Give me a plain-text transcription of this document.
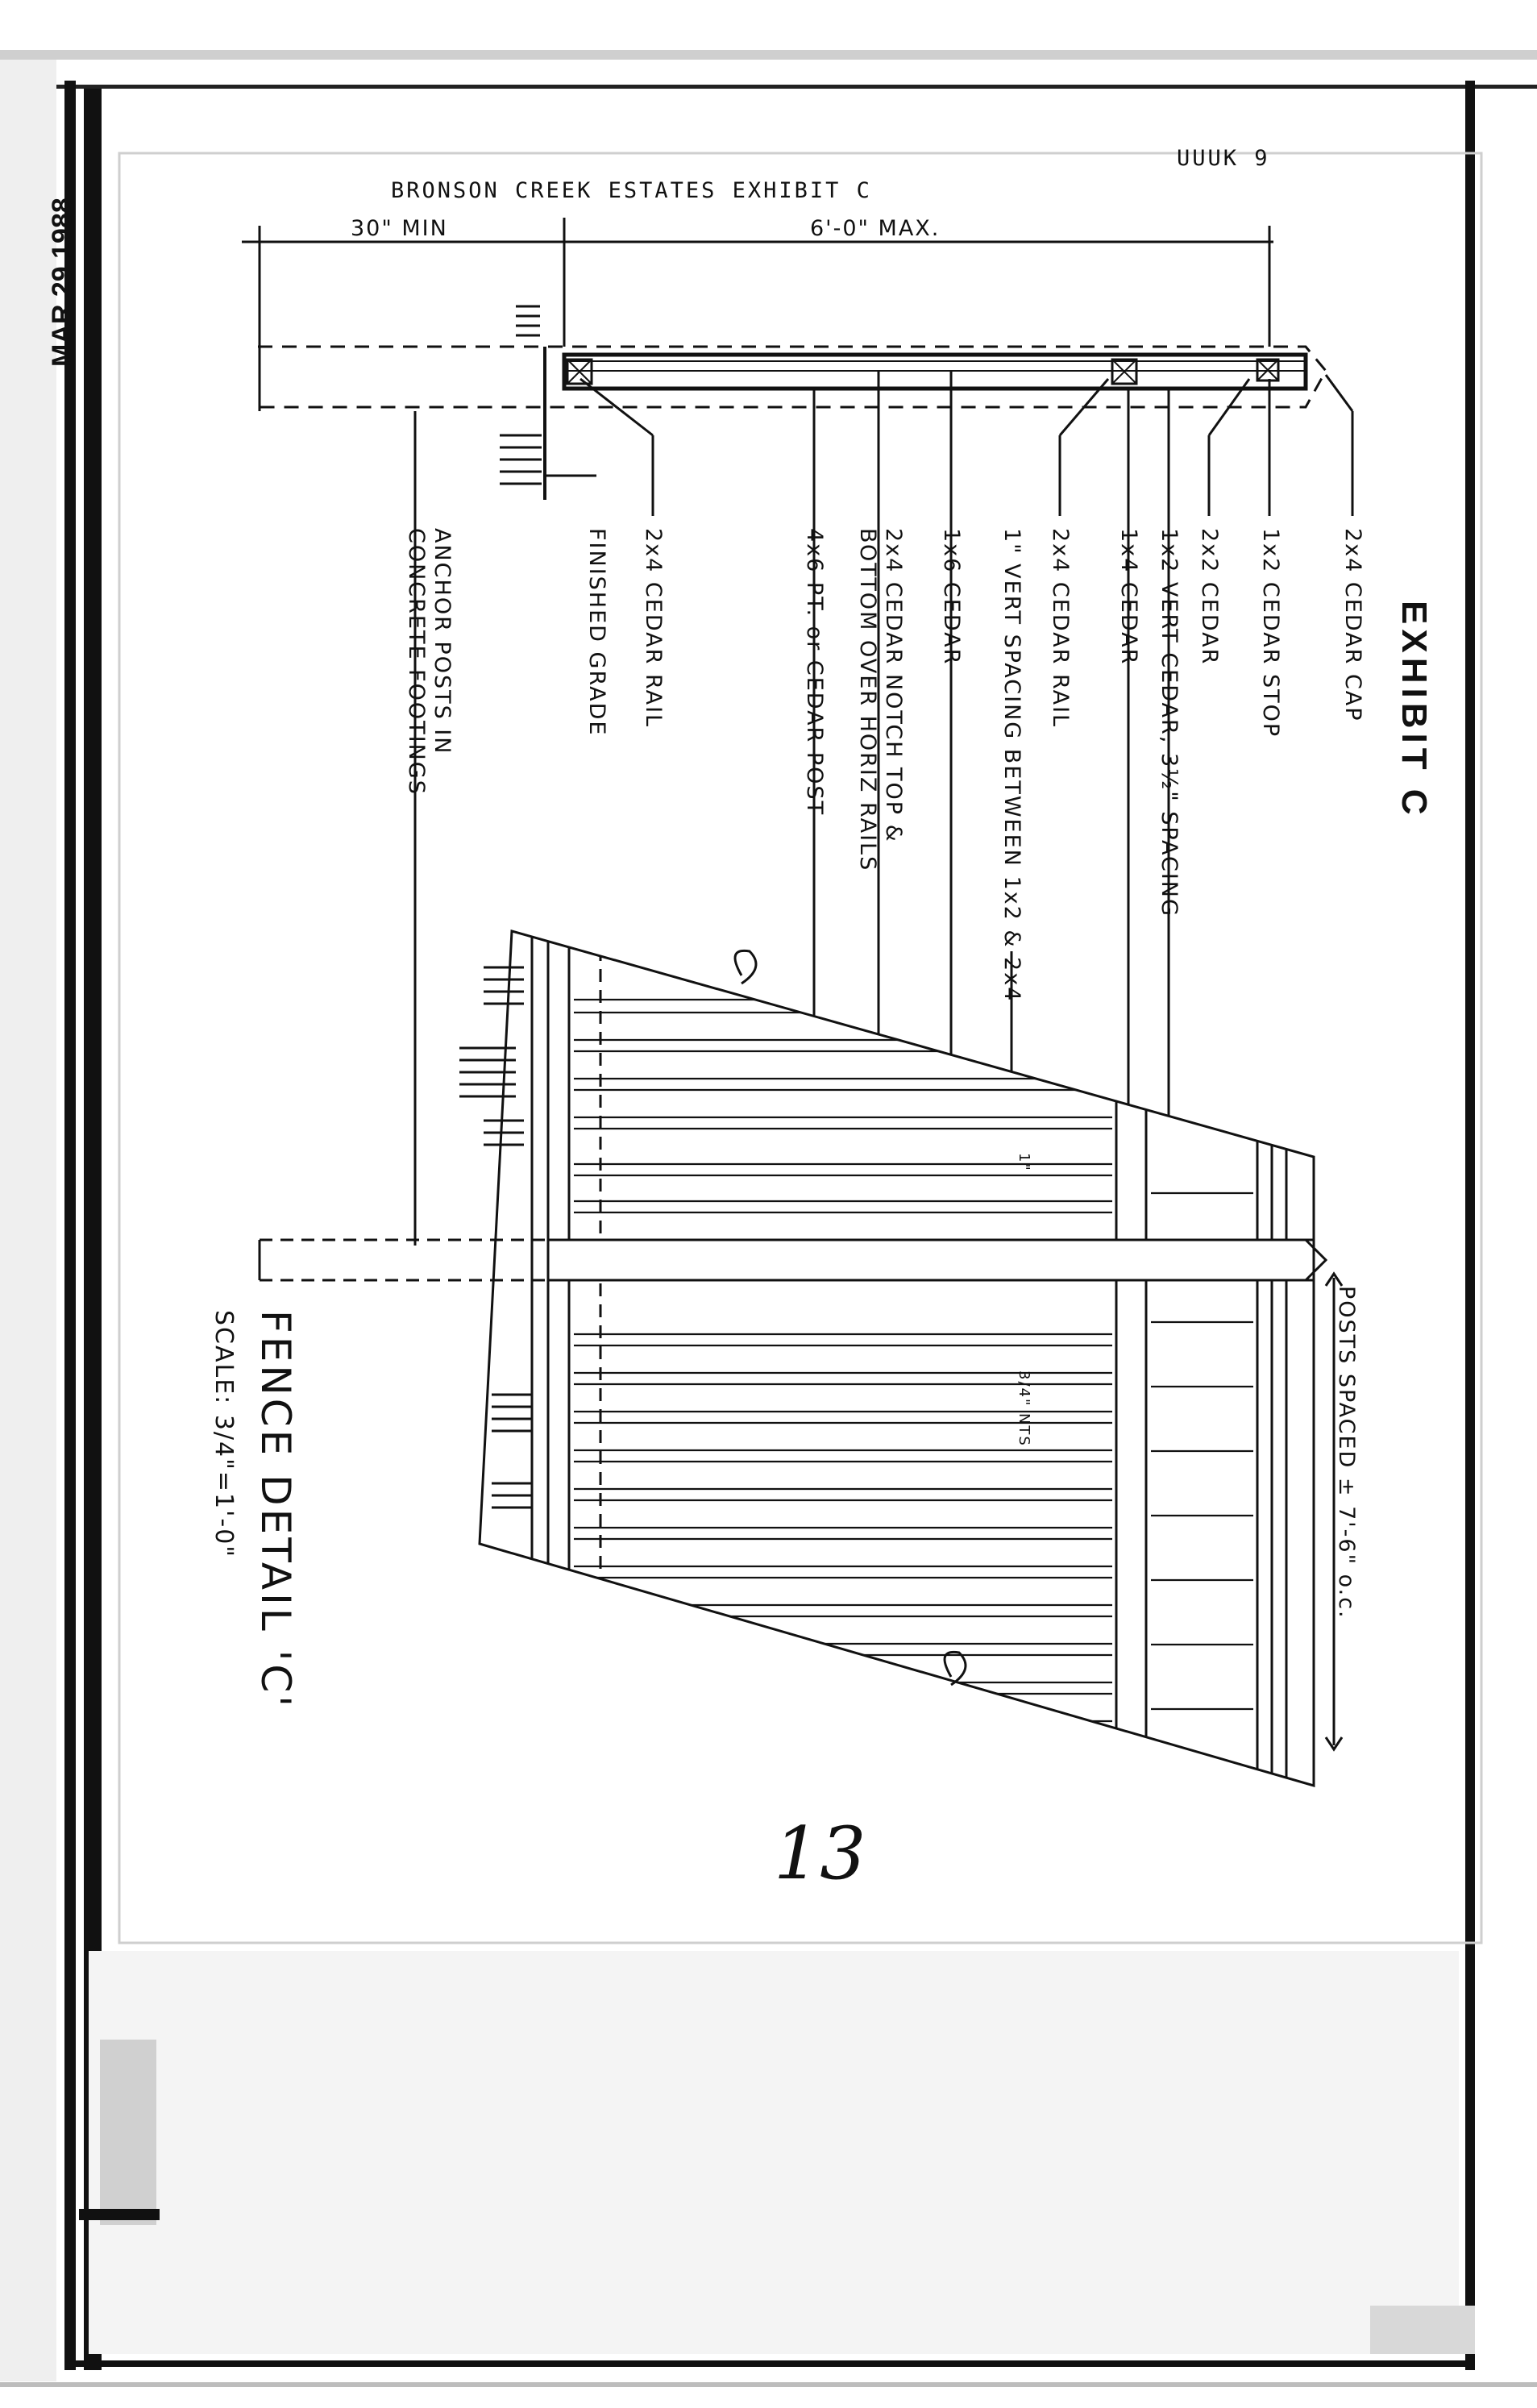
MAR 29 1988
BRONSON CREEK ESTATES EXHIBIT C
UUUK 9
30" MIN	6'-0" MAX.
2x4 CEDAR CAP
1x2 CEDAR STOP
2x2 CEDAR
1x2 VERT CEDAR, 3½" SPACING
1x4 CEDAR
2x4 CEDAR RAIL
1" VERT SPACING BETWEEN 1x2 & 2x4
1x6 CEDAR
2x4 CEDAR NOTCH TOP &
BOTTOM OVER HORIZ RAILS
4x6 PT. or CEDAR POST
2x4 CEDAR RAIL
FINISHED GRADE
ANCHOR POSTS IN
CONCRETE FOOTINGS	EXHIBIT C
POSTS SPACED ± 7'-6" o.c.
1"
3/4" NTS
FENCE DETAIL 'C'
SCALE: 3/4"=1'-0"
13
